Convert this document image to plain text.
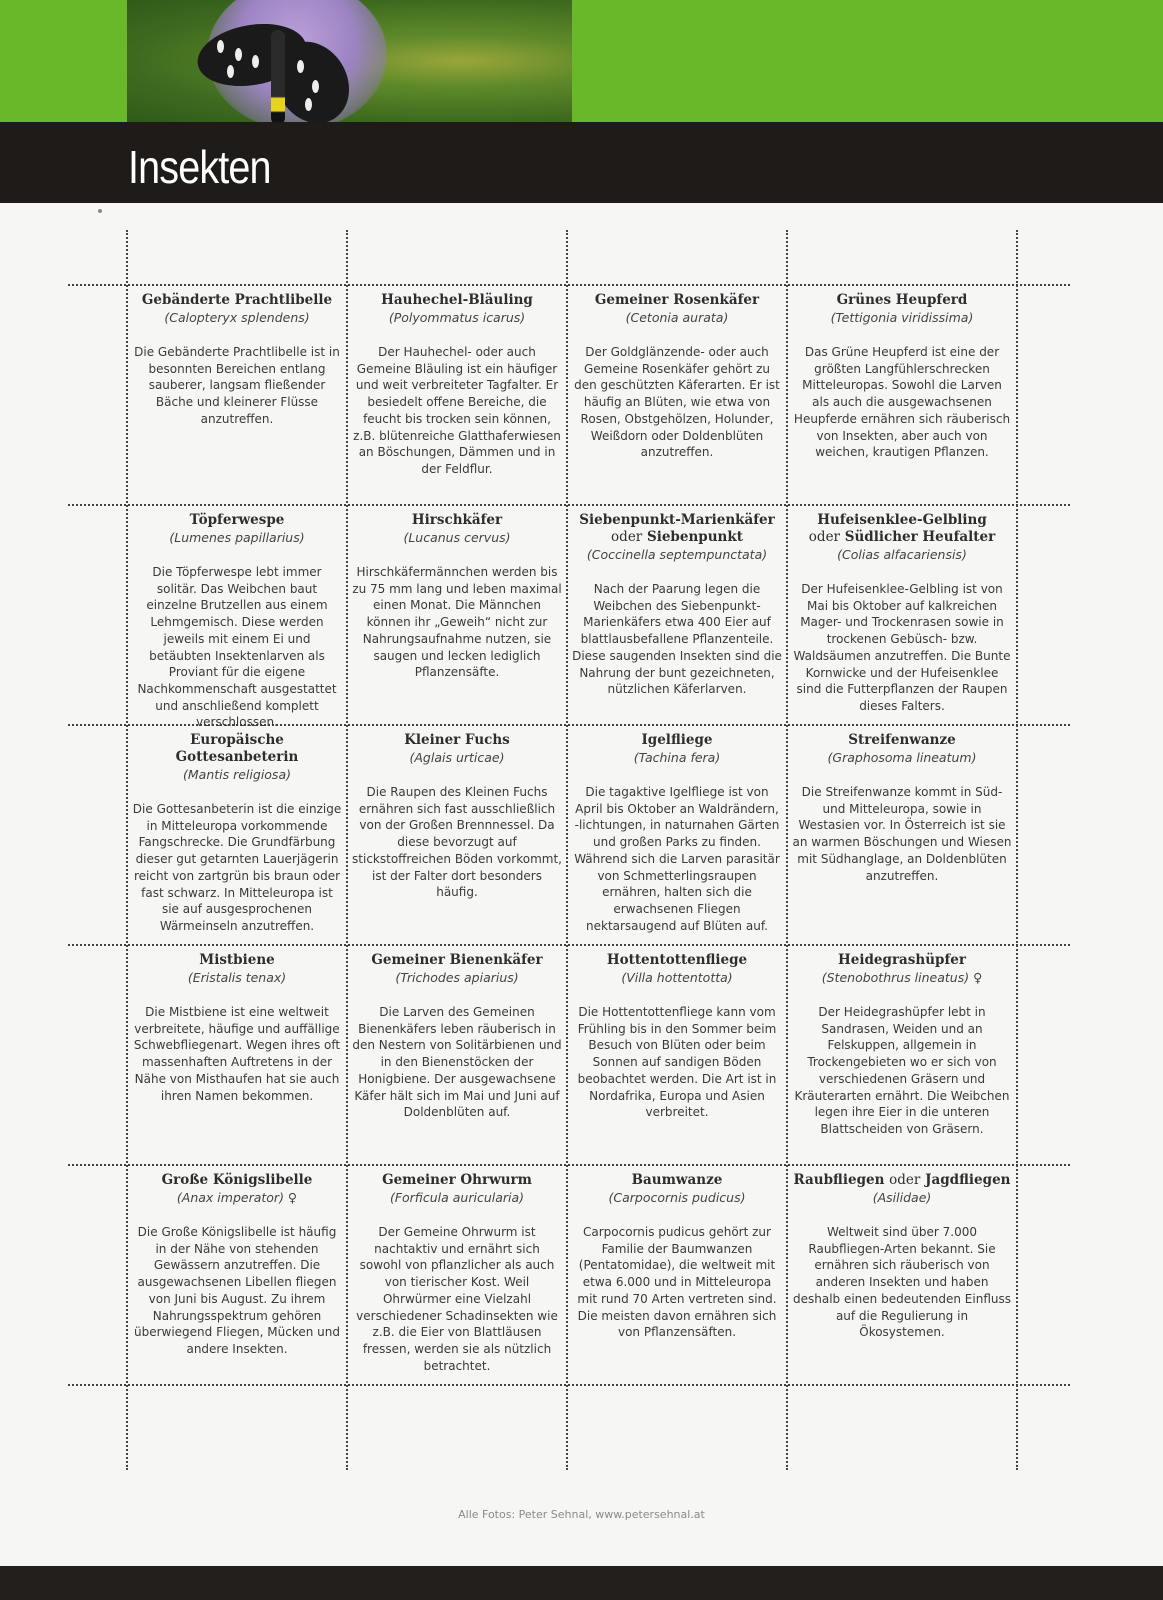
Insekten
Gebänderte Prachtlibelle
(Calopteryx splendens)
Die Gebänderte Prachtlibelle ist in besonnten Bereichen entlang sauberer, langsam fließender Bäche und kleinerer Flüsse anzutreffen.
Hauhechel-Bläuling
(Polyommatus icarus)
Der Hauhechel- oder auch Gemeine Bläuling ist ein häufiger und weit verbreiteter Tagfalter. Er besiedelt offene Bereiche, die feucht bis trocken sein können, z.B. blütenreiche Glatthaferwiesen an Böschungen, Dämmen und in der Feldflur.
Gemeiner Rosenkäfer
(Cetonia aurata)
Der Goldglänzende- oder auch Gemeine Rosenkäfer gehört zu den geschützten Käferarten. Er ist häufig an Blüten, wie etwa von Rosen, Obstgehölzen, Holunder, Weißdorn oder Doldenblüten anzutreffen.
Grünes Heupferd
(Tettigonia viridissima)
Das Grüne Heupferd ist eine der größten Langfühlerschrecken Mitteleuropas. Sowohl die Larven als auch die ausgewachsenen Heupferde ernähren sich räuberisch von Insekten, aber auch von weichen, krautigen Pflanzen.
Töpferwespe
(Lumenes papillarius)
Die Töpferwespe lebt immer solitär. Das Weibchen baut einzelne Brutzellen aus einem Lehmgemisch. Diese werden jeweils mit einem Ei und betäubten Insektenlarven als Proviant für die eigene Nachkommenschaft ausgestattet und anschließend komplett verschlossen.
Hirschkäfer
(Lucanus cervus)
Hirschkäfermännchen werden bis zu 75 mm lang und leben maximal einen Monat. Die Männchen können ihr „Geweih“ nicht zur Nahrungsaufnahme nutzen, sie saugen und lecken lediglich Pflanzensäfte.
Siebenpunkt-Marienkäfer
oder Siebenpunkt
(Coccinella septempunctata)
Nach der Paarung legen die Weibchen des Siebenpunkt-Marienkäfers etwa 400 Eier auf blattlausbefallene Pflanzenteile. Diese saugenden Insekten sind die Nahrung der bunt gezeichneten, nützlichen Käferlarven.
Hufeisenklee-Gelbling
oder Südlicher Heufalter
(Colias alfacariensis)
Der Hufeisenklee-Gelbling ist von Mai bis Oktober auf kalkreichen Mager- und Trockenrasen sowie in trockenen Gebüsch- bzw. Waldsäumen anzutreffen. Die Bunte Kornwicke und der Hufeisenklee sind die Futterpflanzen der Raupen dieses Falters.
Europäische Gottesanbeterin
(Mantis religiosa)
Die Gottesanbeterin ist die einzige in Mitteleuropa vorkommende Fangschrecke. Die Grundfärbung dieser gut getarnten Lauerjägerin reicht von zartgrün bis braun oder fast schwarz. In Mitteleuropa ist sie auf ausgesprochenen Wärmeinseln anzutreffen.
Kleiner Fuchs
(Aglais urticae)
Die Raupen des Kleinen Fuchs ernähren sich fast ausschließlich von der Großen Brennnessel. Da diese bevorzugt auf stickstoffreichen Böden vorkommt, ist der Falter dort besonders häufig.
Igelfliege
(Tachina fera)
Die tagaktive Igelfliege ist von April bis Oktober an Waldrändern, -lichtungen, in naturnahen Gärten und großen Parks zu finden. Während sich die Larven parasitär von Schmetterlingsraupen ernähren, halten sich die erwachsenen Fliegen nektarsaugend auf Blüten auf.
Streifenwanze
(Graphosoma lineatum)
Die Streifenwanze kommt in Süd- und Mitteleuropa, sowie in Westasien vor. In Österreich ist sie an warmen Böschungen und Wiesen mit Südhanglage, an Doldenblüten anzutreffen.
Mistbiene
(Eristalis tenax)
Die Mistbiene ist eine weltweit verbreitete, häufige und auffällige Schwebfliegenart. Wegen ihres oft massenhaften Auftretens in der Nähe von Misthaufen hat sie auch ihren Namen bekommen.
Gemeiner Bienenkäfer
(Trichodes apiarius)
Die Larven des Gemeinen Bienenkäfers leben räuberisch in den Nestern von Solitärbienen und in den Bienenstöcken der Honigbiene. Der ausgewachsene Käfer hält sich im Mai und Juni auf Doldenblüten auf.
Hottentottenfliege
(Villa hottentotta)
Die Hottentottenfliege kann vom Frühling bis in den Sommer beim Besuch von Blüten oder beim Sonnen auf sandigen Böden beobachtet werden. Die Art ist in Nordafrika, Europa und Asien verbreitet.
Heidegrashüpfer
(Stenobothrus lineatus) ♀
Der Heidegrashüpfer lebt in Sandrasen, Weiden und an Felskuppen, allgemein in Trockengebieten wo er sich von verschiedenen Gräsern und Kräuterarten ernährt. Die Weibchen legen ihre Eier in die unteren Blattscheiden von Gräsern.
Große Königslibelle
(Anax imperator) ♀
Die Große Königslibelle ist häufig in der Nähe von stehenden Gewässern anzutreffen. Die ausgewachsenen Libellen fliegen von Juni bis August. Zu ihrem Nahrungsspektrum gehören überwiegend Fliegen, Mücken und andere Insekten.
Gemeiner Ohrwurm
(Forficula auricularia)
Der Gemeine Ohrwurm ist nachtaktiv und ernährt sich sowohl von pflanzlicher als auch von tierischer Kost. Weil Ohrwürmer eine Vielzahl verschiedener Schadinsekten wie z.B. die Eier von Blattläusen fressen, werden sie als nützlich betrachtet.
Baumwanze
(Carpocornis pudicus)
Carpocornis pudicus gehört zur Familie der Baumwanzen (Pentatomidae), die weltweit mit etwa 6.000 und in Mitteleuropa mit rund 70 Arten vertreten sind. Die meisten davon ernähren sich von Pflanzensäften.
Raubfliegen oder Jagdfliegen
(Asilidae)
Weltweit sind über 7.000 Raubfliegen-Arten bekannt. Sie ernähren sich räuberisch von anderen Insekten und haben deshalb einen bedeutenden Einfluss auf die Regulierung in Ökosystemen.
Alle Fotos: Peter Sehnal, www.petersehnal.at
